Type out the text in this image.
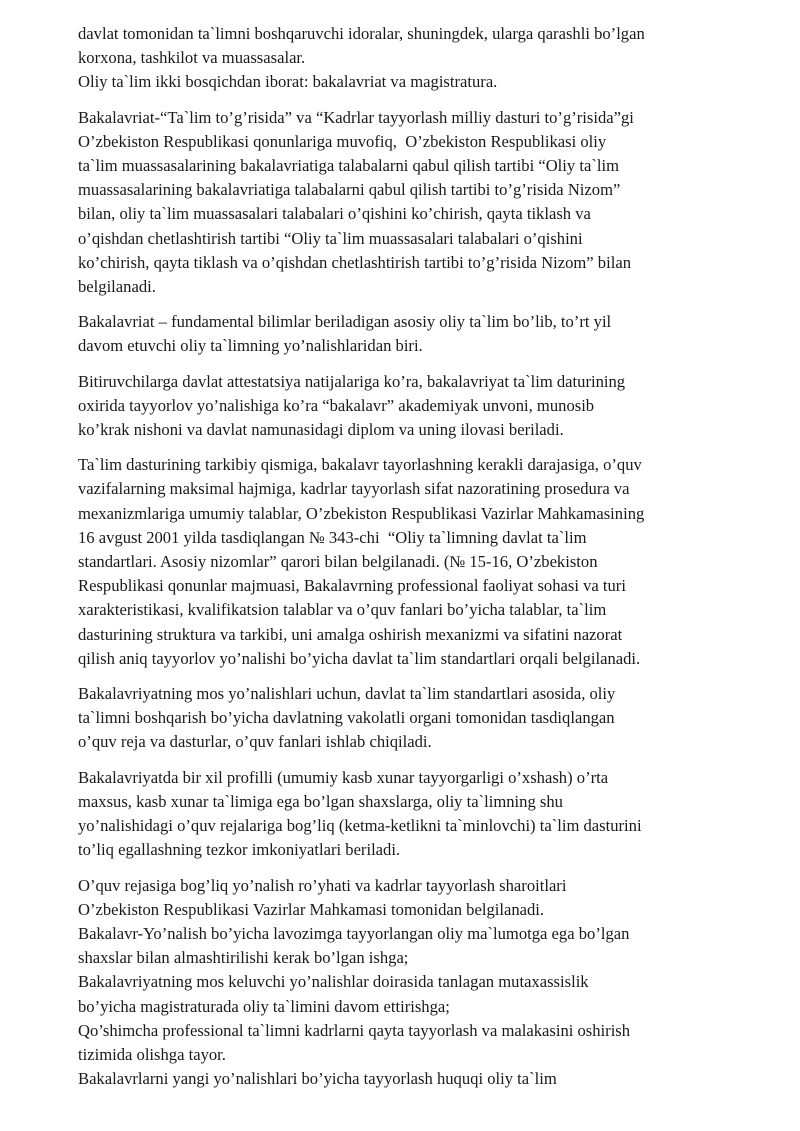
davlat tomonidan ta`limni boshqaruvchi idoralar, shuningdek, ularga qarashli bo’lgan
korxona, tashkilot va muassasalar.
Oliy ta`lim ikki bosqichdan iborat: bakalavriat va magistratura.

Bakalavriat-“Ta`lim to’g’risida” va “Kadrlar tayyorlash milliy dasturi to’g’risida”gi
O’zbekiston Respublikasi qonunlariga muvofiq,  O’zbekiston Respublikasi oliy
ta`lim muassasalarining bakalavriatiga talabalarni qabul qilish tartibi “Oliy ta`lim
muassasalarining bakalavriatiga talabalarni qabul qilish tartibi to’g’risida Nizom”
bilan, oliy ta`lim muassasalari talabalari o’qishini ko’chirish, qayta tiklash va
o’qishdan chetlashtirish tartibi “Oliy ta`lim muassasalari talabalari o’qishini
ko’chirish, qayta tiklash va o’qishdan chetlashtirish tartibi to’g’risida Nizom” bilan
belgilanadi.

Bakalavriat – fundamental bilimlar beriladigan asosiy oliy ta`lim bo’lib, to’rt yil
davom etuvchi oliy ta`limning yo’nalishlaridan biri.

Bitiruvchilarga davlat attestatsiya natijalariga ko’ra, bakalavriyat ta`lim daturining
oxirida tayyorlov yo’nalishiga ko’ra “bakalavr” akademiyak unvoni, munosib
ko’krak nishoni va davlat namunasidagi diplom va uning ilovasi beriladi.

Ta`lim dasturining tarkibiy qismiga, bakalavr tayorlashning kerakli darajasiga, o’quv
vazifalarning maksimal hajmiga, kadrlar tayyorlash sifat nazoratining prosedura va
mexanizmlariga umumiy talablar, O’zbekiston Respublikasi Vazirlar Mahkamasining
16 avgust 2001 yilda tasdiqlangan № 343-chi  “Oliy ta`limning davlat ta`lim
standartlari. Asosiy nizomlar” qarori bilan belgilanadi. (№ 15-16, O’zbekiston
Respublikasi qonunlar majmuasi, Bakalavrning professional faoliyat sohasi va turi
xarakteristikasi, kvalifikatsion talablar va o’quv fanlari bo’yicha talablar, ta`lim
dasturining struktura va tarkibi, uni amalga oshirish mexanizmi va sifatini nazorat
qilish aniq tayyorlov yo’nalishi bo’yicha davlat ta`lim standartlari orqali belgilanadi.

Bakalavriyatning mos yo’nalishlari uchun, davlat ta`lim standartlari asosida, oliy
ta`limni boshqarish bo’yicha davlatning vakolatli organi tomonidan tasdiqlangan
o’quv reja va dasturlar, o’quv fanlari ishlab chiqiladi.

Bakalavriyatda bir xil profilli (umumiy kasb xunar tayyorgarligi o’xshash) o’rta
maxsus, kasb xunar ta`limiga ega bo’lgan shaxslarga, oliy ta`limning shu
yo’nalishidagi o’quv rejalariga bog’liq (ketma-ketlikni ta`minlovchi) ta`lim dasturini
to’liq egallashning tezkor imkoniyatlari beriladi.

O’quv rejasiga bog’liq yo’nalish ro’yhati va kadrlar tayyorlash sharoitlari
O’zbekiston Respublikasi Vazirlar Mahkamasi tomonidan belgilanadi.
Bakalavr-Yo’nalish bo’yicha lavozimga tayyorlangan oliy ma`lumotga ega bo’lgan
shaxslar bilan almashtirilishi kerak bo’lgan ishga;
Bakalavriyatning mos keluvchi yo’nalishlar doirasida tanlagan mutaxassislik
bo’yicha magistraturada oliy ta`limini davom ettirishga;
Qo’shimcha professional ta`limni kadrlarni qayta tayyorlash va malakasini oshirish
tizimida olishga tayor.
Bakalavrlarni yangi yo’nalishlari bo’yicha tayyorlash huquqi oliy ta`lim
